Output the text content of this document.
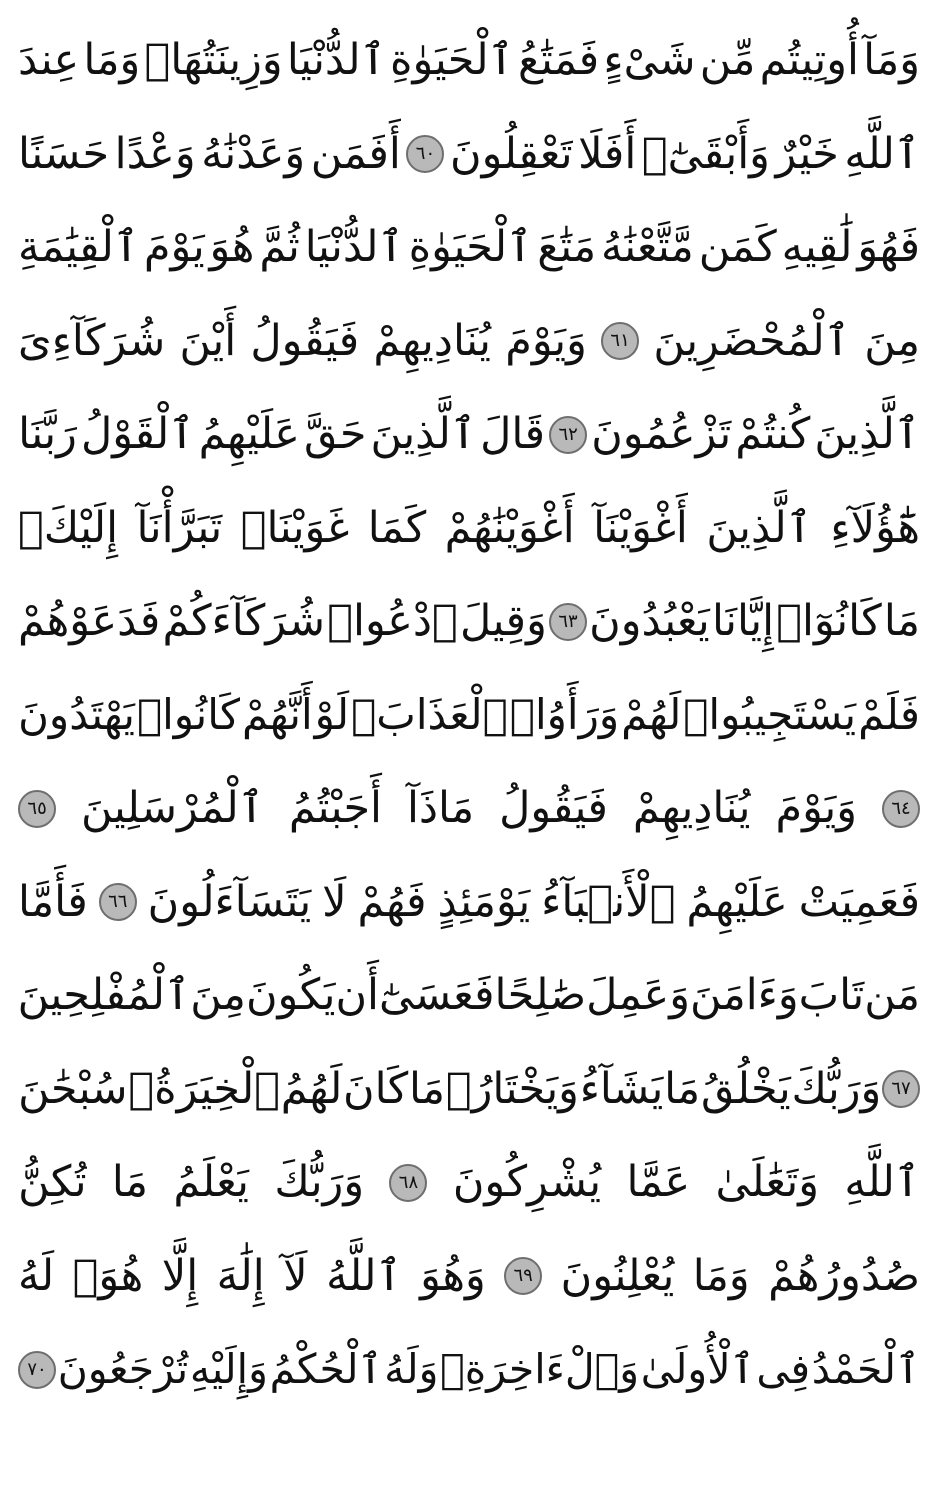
وَمَآ
أُوتِيتُم
مِّن
شَىْءٍ
فَمَتَٰعُ
ٱلْحَيَوٰةِ
ٱلدُّنْيَا
وَزِينَتُهَاۚ
وَمَا
عِندَ
ٱللَّهِ
خَيْرٌ
وَأَبْقَىٰٓۚ
أَفَلَا
تَعْقِلُونَ
٦٠
أَفَمَن
وَعَدْنَٰهُ
وَعْدًا
حَسَنًا
فَهُوَ
لَٰقِيهِ
كَمَن
مَّتَّعْنَٰهُ
مَتَٰعَ
ٱلْحَيَوٰةِ
ٱلدُّنْيَا
ثُمَّ
هُوَ
يَوْمَ
ٱلْقِيَٰمَةِ
مِنَ
ٱلْمُحْضَرِينَ
٦١
وَيَوْمَ
يُنَادِيهِمْ
فَيَقُولُ
أَيْنَ
شُرَكَآءِىَ
ٱلَّذِينَ
كُنتُمْ
تَزْعُمُونَ
٦٢
قَالَ
ٱلَّذِينَ
حَقَّ
عَلَيْهِمُ
ٱلْقَوْلُ
رَبَّنَا
هَٰٓؤُلَآءِ
ٱلَّذِينَ
أَغْوَيْنَآ
أَغْوَيْنَٰهُمْ
كَمَا
غَوَيْنَاۖ
تَبَرَّأْنَآ
إِلَيْكَۖ
مَا
كَانُوٓا۟
إِيَّانَا
يَعْبُدُونَ
٦٣
وَقِيلَ
ٱدْعُوا۟
شُرَكَآءَكُمْ
فَدَعَوْهُمْ
فَلَمْ
يَسْتَجِيبُوا۟
لَهُمْ
وَرَأَوُا۟
ٱلْعَذَابَۚ
لَوْ
أَنَّهُمْ
كَانُوا۟
يَهْتَدُونَ
٦٤
وَيَوْمَ
يُنَادِيهِمْ
فَيَقُولُ
مَاذَآ
أَجَبْتُمُ
ٱلْمُرْسَلِينَ
٦٥
فَعَمِيَتْ
عَلَيْهِمُ
ٱلْأَنۢبَآءُ
يَوْمَئِذٍ
فَهُمْ
لَا
يَتَسَآءَلُونَ
٦٦
فَأَمَّا
مَن
تَابَ
وَءَامَنَ
وَعَمِلَ
صَٰلِحًا
فَعَسَىٰٓ
أَن
يَكُونَ
مِنَ
ٱلْمُفْلِحِينَ
٦٧
وَرَبُّكَ
يَخْلُقُ
مَا
يَشَآءُ
وَيَخْتَارُۗ
مَا
كَانَ
لَهُمُ
ٱلْخِيَرَةُۚ
سُبْحَٰنَ
ٱللَّهِ
وَتَعَٰلَىٰ
عَمَّا
يُشْرِكُونَ
٦٨
وَرَبُّكَ
يَعْلَمُ
مَا
تُكِنُّ
صُدُورُهُمْ
وَمَا
يُعْلِنُونَ
٦٩
وَهُوَ
ٱللَّهُ
لَآ
إِلَٰهَ
إِلَّا
هُوَۖ
لَهُ
ٱلْحَمْدُ
فِى
ٱلْأُولَىٰ
وَٱلْءَاخِرَةِۖ
وَلَهُ
ٱلْحُكْمُ
وَإِلَيْهِ
تُرْجَعُونَ
٧٠
